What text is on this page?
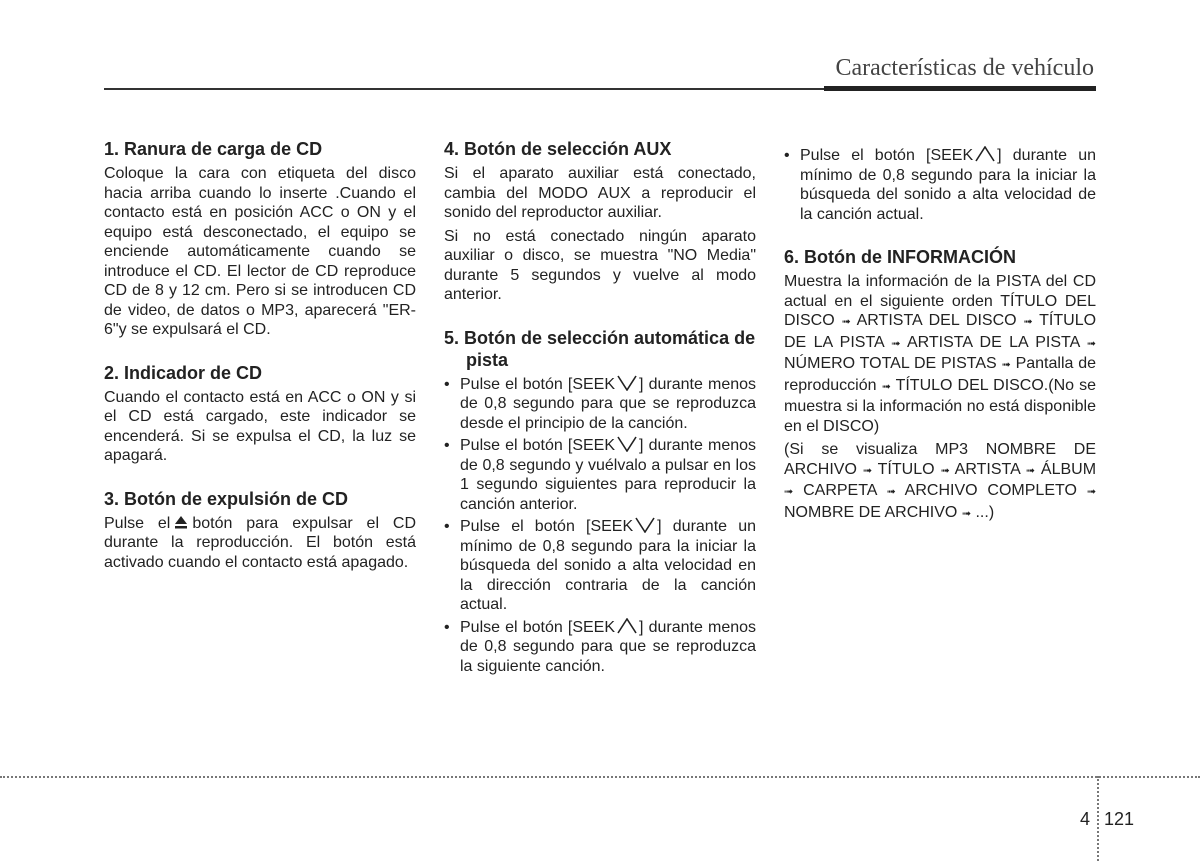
Características de vehículo
1. Ranura de carga de CD

Coloque la cara con etiqueta del disco hacia arriba cuando lo inserte .Cuando el contacto está en posición ACC o ON y el equipo está desconectado, el equipo se enciende automáticamente cuando se introduce el CD. El lector de CD reproduce CD de 8 y 12 cm. Pero si se introducen CD de video, de datos o MP3, aparecerá "ER-6"y se expulsará el CD.

2. Indicador de CD

Cuando el contacto está en ACC o ON y si el CD está cargado, este indicador se encenderá. Si se expulsa el CD, la luz se apagará.

3. Botón de expulsión de CD

Pulse el botón para expulsar el CD durante la reproducción. El botón está activado cuando el contacto está apagado.

4. Botón de selección AUX

Si el aparato auxiliar está conectado, cambia del MODO AUX a reproducir el sonido del reproductor auxiliar.

Si no está conectado ningún aparato auxiliar o disco, se muestra "NO Media" durante 5 segundos y vuelve al modo anterior.

5. Botón de selección automática de pista
• Pulse el botón [SEEK ] durante menos de 0,8 segundo para que se reproduzca desde el principio de la canción.
• Pulse el botón [SEEK ] durante menos de 0,8 segundo y vuélvalo a pulsar en los 1 segundo siguientes para reproducir la canción anterior.
• Pulse el botón [SEEK ] durante un mínimo de 0,8 segundo para la iniciar la búsqueda del sonido a alta velocidad en la dirección contraria de la canción actual.
• Pulse el botón [SEEK ] durante menos de 0,8 segundo para que se reproduzca la siguiente canción.
• Pulse el botón [SEEK ] durante un mínimo de 0,8 segundo para la iniciar la búsqueda del sonido a alta velocidad de la canción actual.
6. Botón de INFORMACIÓN

Muestra la información de la PISTA del CD actual en el siguiente orden TÍTULO DEL DISCO ➟ ARTISTA DEL DISCO ➟ TÍTULO DE LA PISTA ➟ ARTISTA DE LA PISTA ➟ NÚMERO TOTAL DE PISTAS ➟ Pantalla de reproducción ➟ TÍTULO DEL DISCO.(No se muestra si la información no está disponible en el DISCO)

(Si se visualiza MP3 NOMBRE DE ARCHIVO ➟ TÍTULO ➟ ARTISTA ➟ ÁLBUM ➟ CARPETA ➟ ARCHIVO COMPLETO ➟ NOMBRE DE ARCHIVO ➟ ...)

4 121
